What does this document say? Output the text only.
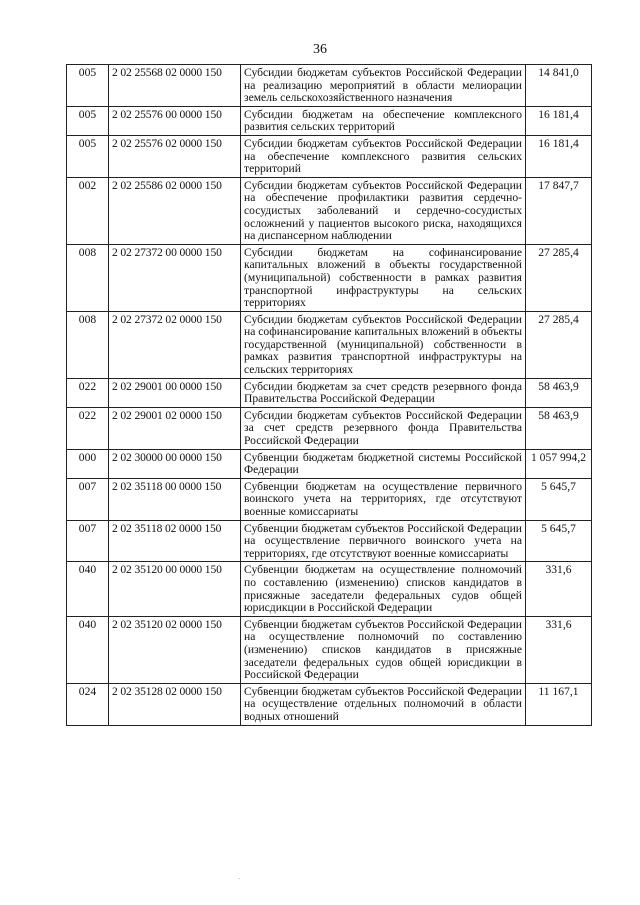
36
005	2 02 25568 02 0000 150	Субсидии бюджетам субъектов Российской Федерации на реализацию мероприятий в области мелиорации земель сельскохозяйственного назначения	14 841,0
005	2 02 25576 00 0000 150	Субсидии бюджетам на обеспечение комплексного развития сельских территорий	16 181,4
005	2 02 25576 02 0000 150	Субсидии бюджетам субъектов Российской Федерации на обеспечение комплексного развития сельских территорий	16 181,4
002	2 02 25586 02 0000 150	Субсидии бюджетам субъектов Российской Федерации на обеспечение профилактики развития сердечно-сосудистых заболеваний и сердечно-сосудистых осложнений у пациентов высокого риска, находящихся на диспансерном наблюдении	17 847,7
008	2 02 27372 00 0000 150	Субсидии бюджетам на софинансирование капитальных вложений в объекты государственной (муниципальной) собственности в рамках развития транспортной инфраструктуры на сельских территориях	27 285,4
008	2 02 27372 02 0000 150	Субсидии бюджетам субъектов Российской Федерации на софинансирование капитальных вложений в объекты государственной (муниципальной) собственности в рамках развития транспортной инфраструктуры на сельских территориях	27 285,4
022	2 02 29001 00 0000 150	Субсидии бюджетам за счет средств резервного фонда Правительства Российской Федерации	58 463,9
022	2 02 29001 02 0000 150	Субсидии бюджетам субъектов Российской Федерации за счет средств резервного фонда Правительства Российской Федерации	58 463,9
000	2 02 30000 00 0000 150	Субвенции бюджетам бюджетной системы Российской Федерации	1 057 994,2
007	2 02 35118 00 0000 150	Субвенции бюджетам на осуществление первичного воинского учета на территориях, где отсутствуют военные комиссариаты	5 645,7
007	2 02 35118 02 0000 150	Субвенции бюджетам субъектов Российской Федерации на осуществление первичного воинского учета на территориях, где отсутствуют военные комиссариаты	5 645,7
040	2 02 35120 00 0000 150	Субвенции бюджетам на осуществление полномочий по составлению (изменению) списков кандидатов в присяжные заседатели федеральных судов общей юрисдикции в Российской Федерации	331,6
040	2 02 35120 02 0000 150	Субвенции бюджетам субъектов Российской Федерации на осуществление полномочий по составлению (изменению) списков кандидатов в присяжные заседатели федеральных судов общей юрисдикции в Российской Федерации	331,6
024	2 02 35128 02 0000 150	Субвенции бюджетам субъектов Российской Федерации на осуществление отдельных полномочий в области водных отношений	11 167,1
.
